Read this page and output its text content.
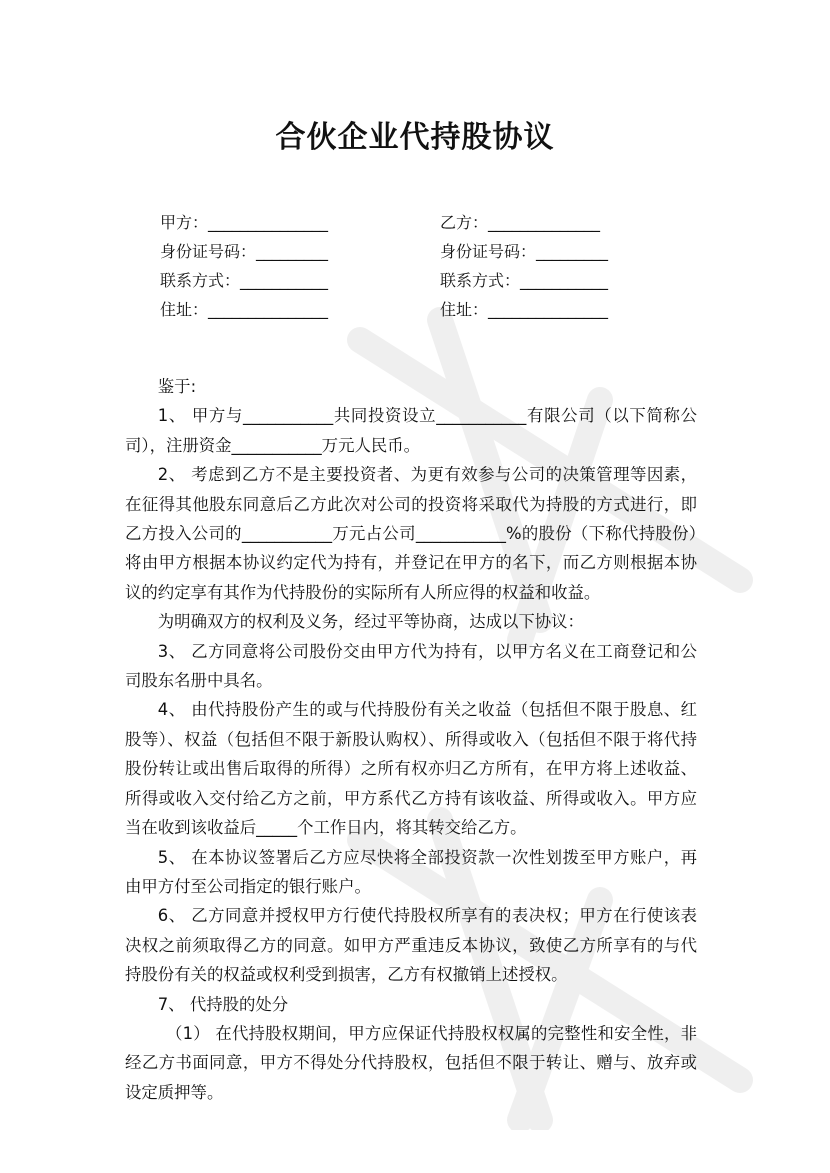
合伙企业代持股协议
甲方：_______________	乙方：______________
身份证号码：_________	身份证号码：_________
联系方式：___________	联系方式：___________
住址：_______________	住址：_______________

鉴于:

1、 甲方与___________共同投资设立___________有限公司（以下简称公司），注册资金___________万元人民币。

2、 考虑到乙方不是主要投资者、为更有效参与公司的决策管理等因素，在征得其他股东同意后乙方此次对公司的投资将采取代为持股的方式进行，即乙方投入公司的___________万元占公司___________%的股份（下称代持股份）将由甲方根据本协议约定代为持有，并登记在甲方的名下，而乙方则根据本协议的约定享有其作为代持股份的实际所有人所应得的权益和收益。

为明确双方的权利及义务，经过平等协商，达成以下协议：

3、 乙方同意将公司股份交由甲方代为持有，以甲方名义在工商登记和公司股东名册中具名。

4、 由代持股份产生的或与代持股份有关之收益（包括但不限于股息、红股等）、权益（包括但不限于新股认购权）、所得或收入（包括但不限于将代持股份转让或出售后取得的所得）之所有权亦归乙方所有，在甲方将上述收益、所得或收入交付给乙方之前，甲方系代乙方持有该收益、所得或收入。甲方应当在收到该收益后_____个工作日内，将其转交给乙方。

5、 在本协议签署后乙方应尽快将全部投资款一次性划拨至甲方账户，再由甲方付至公司指定的银行账户。

6、 乙方同意并授权甲方行使代持股权所享有的表决权；甲方在行使该表决权之前须取得乙方的同意。如甲方严重违反本协议，致使乙方所享有的与代持股份有关的权益或权利受到损害，乙方有权撤销上述授权。

7、 代持股的处分

（1） 在代持股权期间，甲方应保证代持股权权属的完整性和安全性，非经乙方书面同意，甲方不得处分代持股权，包括但不限于转让、赠与、放弃或设定质押等。
